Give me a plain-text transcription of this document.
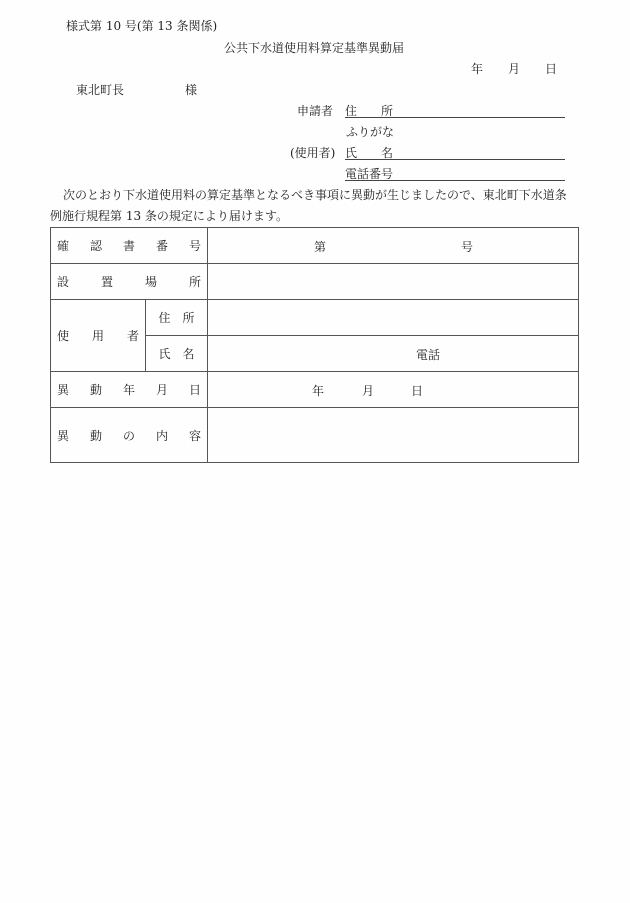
様式第 10 号(第 13 条関係)
公共下水道使用料算定基準異動届
年 月 日
東北町長	様
申請者 住　　所
ふりがな
(使用者) 氏　　名
電話番号
次のとおり下水道使用料の算定基準となるべき事項に異動が生じましたので、東北町下水道条
例施行規程第 13 条の規定により届けます。
確 認 書 番 号		第 号

設 置 場 所		

使 用 者	住　所	
	氏　名	電話

異 動 年 月 日		年 月 日

異 動 の 内 容		
